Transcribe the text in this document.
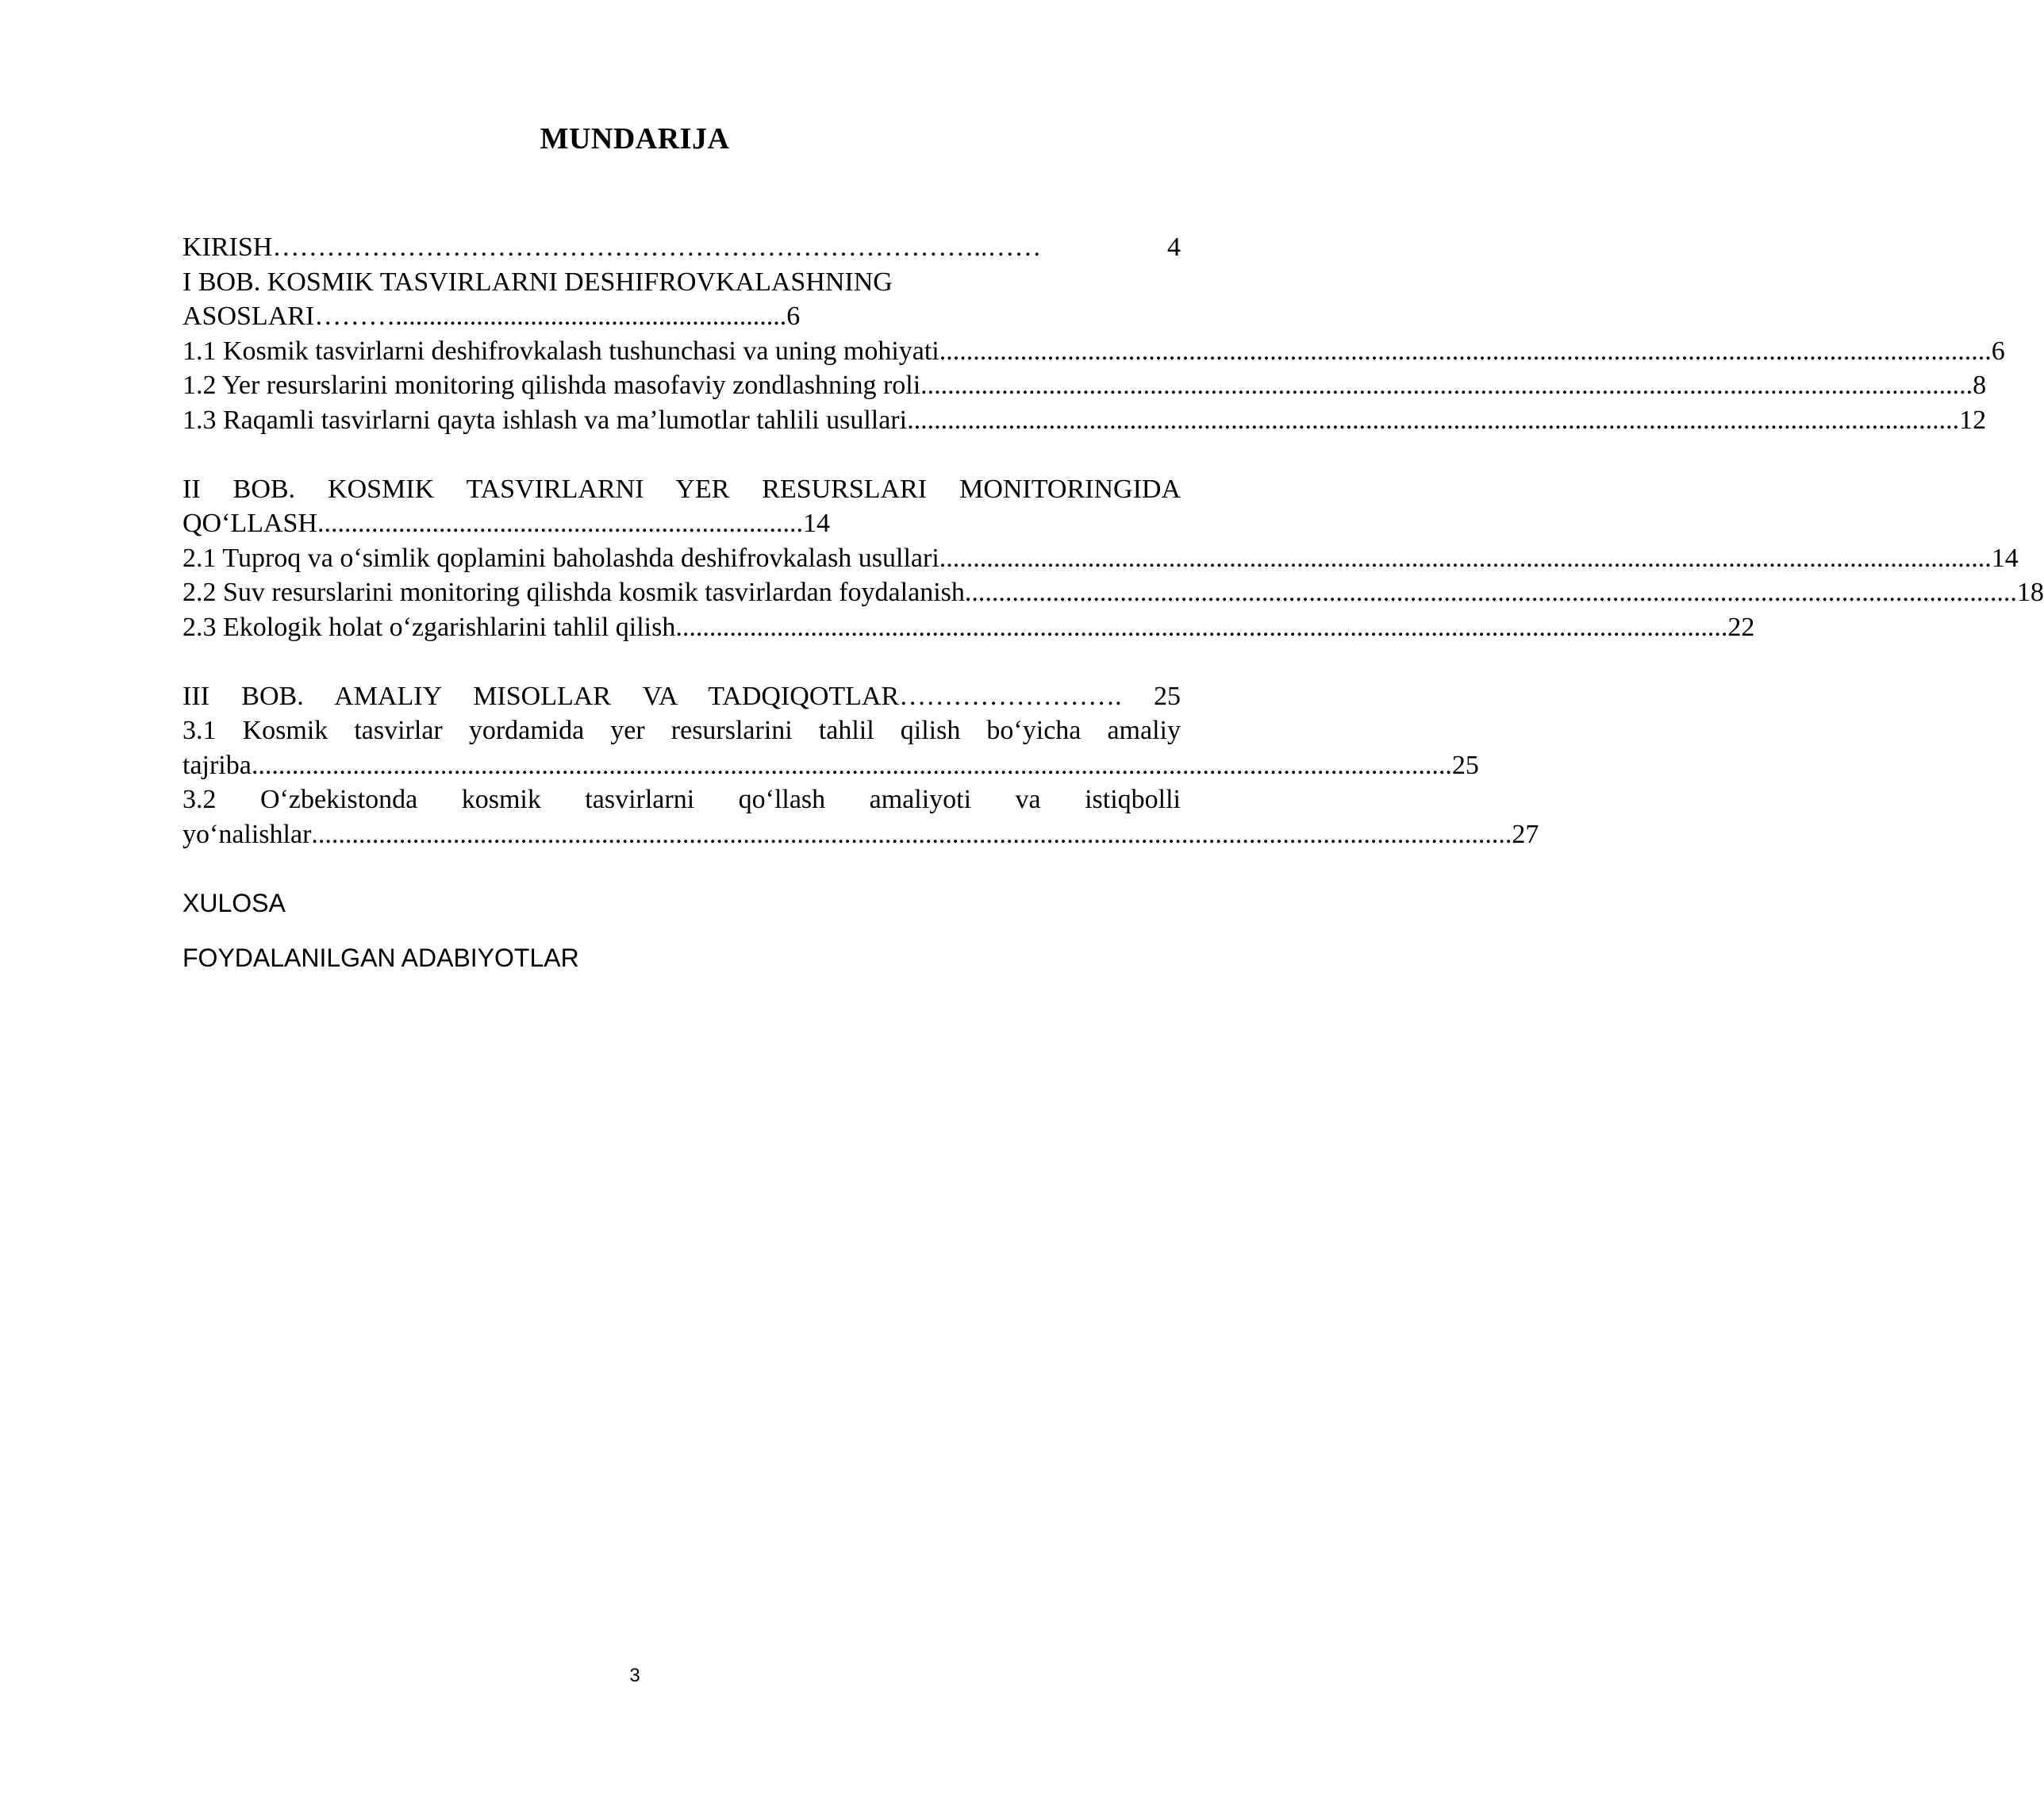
MUNDARIJA
KIRISH ……………………………………………………………………..……	4
I BOB. KOSMIK TASVIRLARNI DESHIFROVKALASHNING
ASOSLARI………..........................................................6
1.1 Kosmik tasvirlarni deshifrovkalash tushunchasi va uning mohiyati ............................................................................................................................................................ 6
1.2 Yer resurslarini monitoring qilishda masofaviy zondlashning roli ............................................................................................................................................................ 8
1.3 Raqamli tasvirlarni qayta ishlash va ma’lumotlar tahlili usullari ............................................................................................................................................................ 12
II BOB. KOSMIK TASVIRLARNI YER RESURSLARI MONITORINGIDA
QO‘LLASH........................................................................14
2.1 Tuproq va o‘simlik qoplamini baholashda deshifrovkalash usullari ............................................................................................................................................................ 14
2.2 Suv resurslarini monitoring qilishda kosmik tasvirlardan foydalanish ............................................................................................................................................................ 18
2.3 Ekologik holat o‘zgarishlarini tahlil qilish ............................................................................................................................................................ 22
III BOB. AMALIY MISOLLAR VA TADQIQOTLAR……………………. 25
3.1 Kosmik tasvirlar yordamida yer resurslarini tahlil qilish bo‘yicha amaliy
tajriba .................................................................................................................................................................................. 25
3.2 O‘zbekistonda kosmik tasvirlarni qo‘llash amaliyoti va istiqbolli
yo‘nalishlar .................................................................................................................................................................................. 27
XULOSA
FOYDALANILGAN ADABIYOTLAR
3
